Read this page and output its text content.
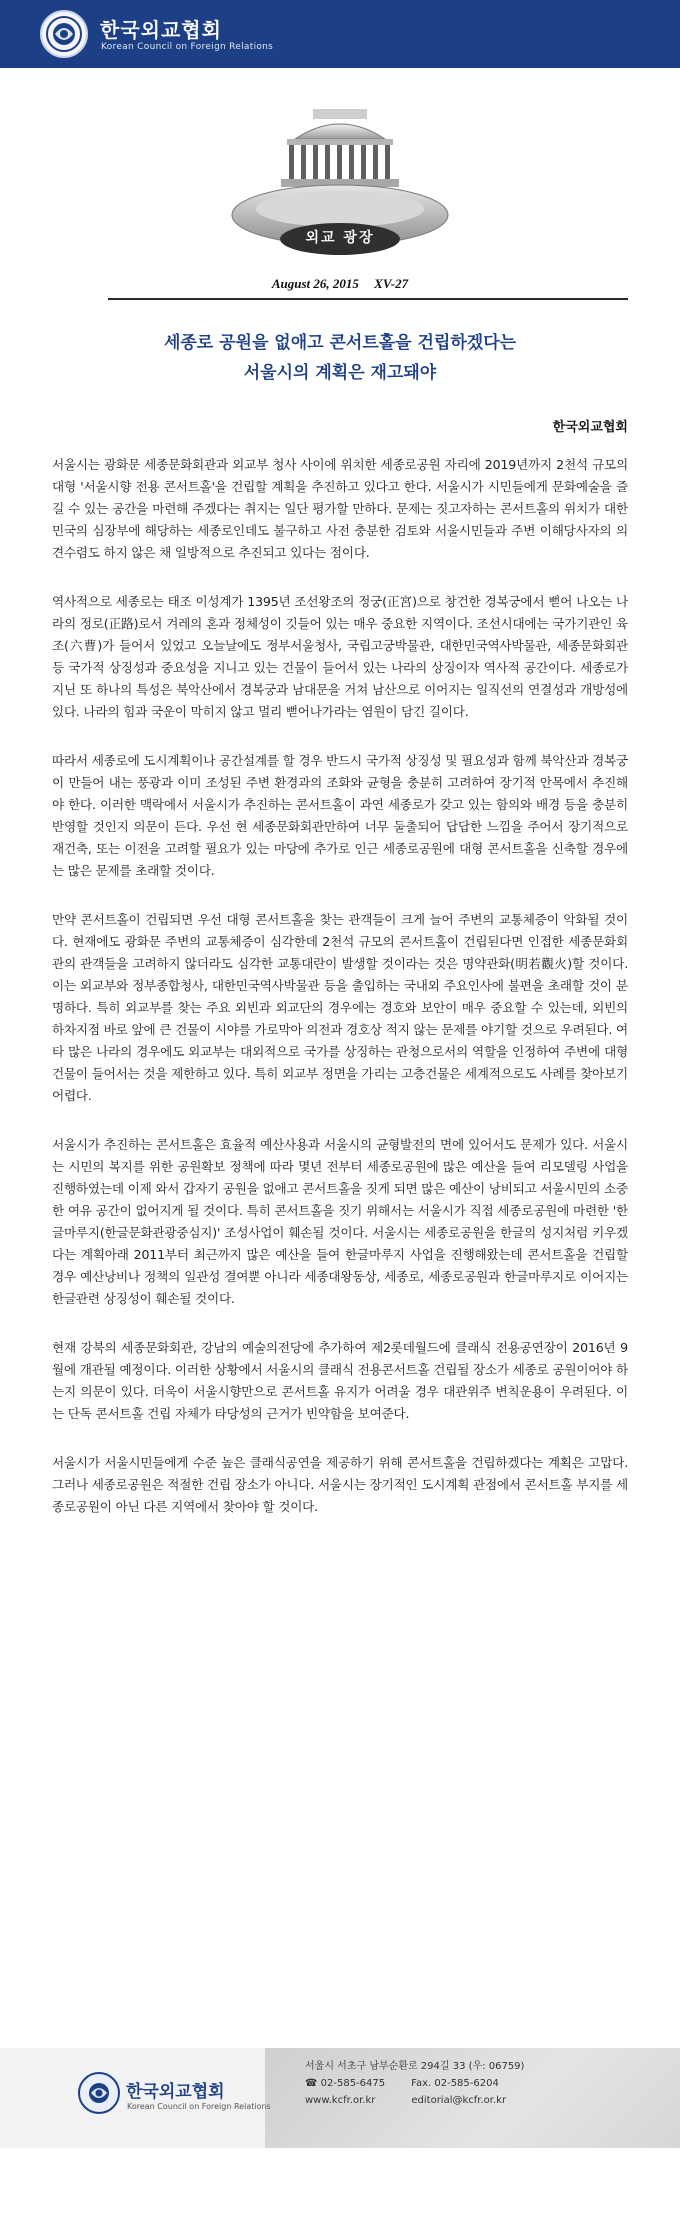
한국외교협회
Korean Council on Foreign Relations
외교 광장
August 26, 2015 XV-27
세종로 공원을 없애고 콘서트홀을 건립하겠다는
서울시의 계획은 재고돼야
한국외교협회

서울시는 광화문 세종문화회관과 외교부 청사 사이에 위치한 세종로공원 자리에 2019년까지 2천석 규모의 대형 '서울시향 전용 콘서트홀'을 건립할 계획을 추진하고 있다고 한다. 서울시가 시민들에게 문화예술을 즐길 수 있는 공간을 마련해 주겠다는 취지는 일단 평가할 만하다. 문제는 짓고자하는 콘서트홀의 위치가 대한민국의 심장부에 해당하는 세종로인데도 불구하고 사전 충분한 검토와 서울시민들과 주변 이해당사자의 의견수렴도 하지 않은 채 일방적으로 추진되고 있다는 점이다.

역사적으로 세종로는 태조 이성계가 1395년 조선왕조의 정궁(正宮)으로 창건한 경복궁에서 뻗어 나오는 나라의 정로(正路)로서 겨레의 혼과 정체성이 깃들어 있는 매우 중요한 지역이다. 조선시대에는 국가기관인 육조(六曹)가 들어서 있었고 오늘날에도 정부서울청사, 국립고궁박물관, 대한민국역사박물관, 세종문화회관 등 국가적 상징성과 중요성을 지니고 있는 건물이 들어서 있는 나라의 상징이자 역사적 공간이다. 세종로가 지닌 또 하나의 특성은 북악산에서 경복궁과 남대문을 거쳐 남산으로 이어지는 일직선의 연결성과 개방성에 있다. 나라의 힘과 국운이 막히지 않고 멀리 뻗어나가라는 염원이 담긴 길이다.

따라서 세종로에 도시계획이나 공간설계를 할 경우 반드시 국가적 상징성 및 필요성과 함께 북악산과 경복궁이 만들어 내는 풍광과 이미 조성된 주변 환경과의 조화와 균형을 충분히 고려하여 장기적 안목에서 추진해야 한다. 이러한 맥락에서 서울시가 추진하는 콘서트홀이 과연 세종로가 갖고 있는 함의와 배경 등을 충분히 반영할 것인지 의문이 든다. 우선 현 세종문화회관만하여 너무 둘출되어 답답한 느낌을 주어서 장기적으로 재건축, 또는 이전을 고려할 필요가 있는 마당에 추가로 인근 세종로공원에 대형 콘서트홀을 신축할 경우에는 많은 문제를 초래할 것이다.

만약 콘서트홀이 건립되면 우선 대형 콘서트홀을 찾는 관객들이 크게 늘어 주변의 교통체증이 악화될 것이다. 현재에도 광화문 주변의 교통체증이 심각한데 2천석 규모의 콘서트홀이 건립된다면 인접한 세종문화회관의 관객들을 고려하지 않더라도 심각한 교통대란이 발생할 것이라는 것은 명약관화(明若觀火)할 것이다. 이는 외교부와 정부종합청사, 대한민국역사박물관 등을 출입하는 국내외 주요인사에 불편을 초래할 것이 분명하다. 특히 외교부를 찾는 주요 외빈과 외교단의 경우에는 경호와 보안이 매우 중요할 수 있는데, 외빈의 하차지점 바로 앞에 큰 건물이 시야를 가로막아 의전과 경호상 적지 않는 문제를 야기할 것으로 우려된다. 여타 많은 나라의 경우에도 외교부는 대외적으로 국가를 상징하는 관청으로서의 역할을 인정하여 주변에 대형건물이 들어서는 것을 제한하고 있다. 특히 외교부 정면을 가리는 고층건물은 세계적으로도 사례를 찾아보기 어렵다.

서울시가 추진하는 콘서트홀은 효율적 예산사용과 서울시의 균형발전의 면에 있어서도 문제가 있다. 서울시는 시민의 복지를 위한 공원확보 정책에 따라 몇년 전부터 세종로공원에 많은 예산을 들여 리모델링 사업을 진행하였는데 이제 와서 갑자기 공원을 없애고 콘서트홀을 짓게 되면 많은 예산이 낭비되고 서울시민의 소중한 여유 공간이 없어지게 될 것이다. 특히 콘서트홀을 짓기 위해서는 서울시가 직접 세종로공원에 마련한 '한글마루지(한글문화관광중심지)' 조성사업이 훼손될 것이다. 서울시는 세종로공원을 한글의 성지처럼 키우겠다는 계획아래 2011부터 최근까지 많은 예산을 들여 한글마루지 사업을 진행해왔는데 콘서트홀을 건립할 경우 예산낭비나 정책의 일관성 결여뿐 아니라 세종대왕동상, 세종로, 세종로공원과 한글마루지로 이어지는 한글관련 상징성이 훼손될 것이다.

현재 강북의 세종문화회관, 강남의 예술의전당에 추가하여 제2롯데월드에 클래식 전용공연장이 2016년 9월에 개관될 예정이다. 이러한 상황에서 서울시의 클래식 전용콘서트홀 건립될 장소가 세종로 공원이어야 하는지 의문이 있다. 더욱이 서울시향만으로 콘서트홀 유지가 어려울 경우 대관위주 변칙운용이 우려된다. 이는 단독 콘서트홀 건립 자체가 타당성의 근거가 빈약함을 보여준다.

서울시가 서울시민들에게 수준 높은 클래식공연을 제공하기 위해 콘서트홀을 건립하겠다는 계획은 고맙다. 그러나 세종로공원은 적절한 건립 장소가 아니다. 서울시는 장기적인 도시계획 관점에서 콘서트홀 부지를 세종로공원이 아닌 다른 지역에서 찾아야 할 것이다.

한국외교협회
Korean Council on Foreign Relations
서울시 서초구 남부순환로 294길 33 (우: 06759)
☎ 02-585-6475	Fax. 02-585-6204
www.kcfr.or.kr	editorial@kcfr.or.kr
